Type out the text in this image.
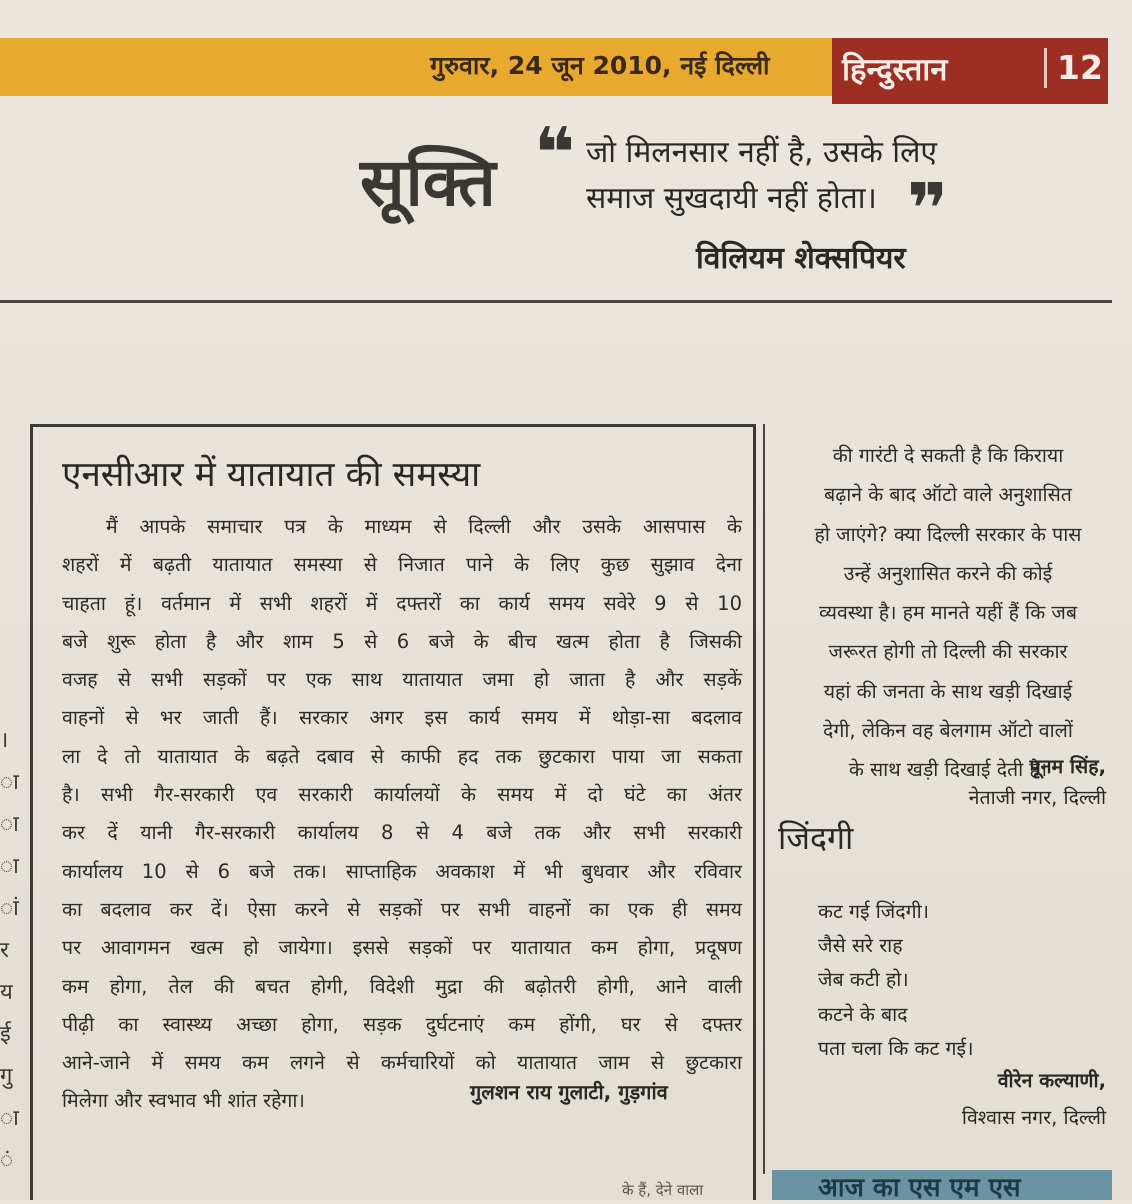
गुरुवार, 24 जून 2010, नई दिल्ली	हिन्दुस्तान	12
सूक्ति ❝ जो मिलनसार नहीं है, उसके लिए
समाज सुखदायी नहीं होता। ❞
विलियम शेक्सपियर
।
ा
ा
ा
ां
र
य
ई
गु
ा
ं
एनसीआर में यातायात की समस्या
मैं आपके समाचार पत्र के माध्यम से दिल्ली और उसके आसपास के
शहरों में बढ़ती यातायात समस्या से निजात पाने के लिए कुछ सुझाव देना
चाहता हूं। वर्तमान में सभी शहरों में दफ्तरों का कार्य समय सवेरे 9 से 10
बजे शुरू होता है और शाम 5 से 6 बजे के बीच खत्म होता है जिसकी
वजह से सभी सड़कों पर एक साथ यातायात जमा हो जाता है और सड़कें
वाहनों से भर जाती हैं। सरकार अगर इस कार्य समय में थोड़ा-सा बदलाव
ला दे तो यातायात के बढ़ते दबाव से काफी हद तक छुटकारा पाया जा सकता
है। सभी गैर-सरकारी एव सरकारी कार्यालयों के समय में दो घंटे का अंतर
कर दें यानी गैर-सरकारी कार्यालय 8 से 4 बजे तक और सभी सरकारी
कार्यालय 10 से 6 बजे तक। साप्ताहिक अवकाश में भी बुधवार और रविवार
का बदलाव कर दें। ऐसा करने से सड़कों पर सभी वाहनों का एक ही समय
पर आवागमन खत्म हो जायेगा। इससे सड़कों पर यातायात कम होगा, प्रदूषण
कम होगा, तेल की बचत होगी, विदेशी मुद्रा की बढ़ोतरी होगी, आने वाली
पीढ़ी का स्वास्थ्य अच्छा होगा, सड़क दुर्घटनाएं कम होंगी, घर से दफ्तर
आने-जाने में समय कम लगने से कर्मचारियों को यातायात जाम से छुटकारा
मिलेगा और स्वभाव भी शांत रहेगा।	गुलशन राय गुलाटी, गुड़गांव
की गारंटी दे सकती है कि किराया
बढ़ाने के बाद ऑटो वाले अनुशासित
हो जाएंगे? क्या दिल्ली सरकार के पास
उन्हें अनुशासित करने की कोई
व्यवस्था है। हम मानते यहीं हैं कि जब
जरूरत होगी तो दिल्ली की सरकार
यहां की जनता के साथ खड़ी दिखाई
देगी, लेकिन वह बेलगाम ऑटो वालों
के साथ खड़ी दिखाई देती है।
पूनम सिंह,
नेताजी नगर, दिल्ली
जिंदगी
कट गई जिंदगी।
जैसे सरे राह
जेब कटी हो।
कटने के बाद
पता चला कि कट गई।
वीरेन कल्याणी,
विश्वास नगर, दिल्ली
आज का एस एम एस
के हैं, देने वाला
